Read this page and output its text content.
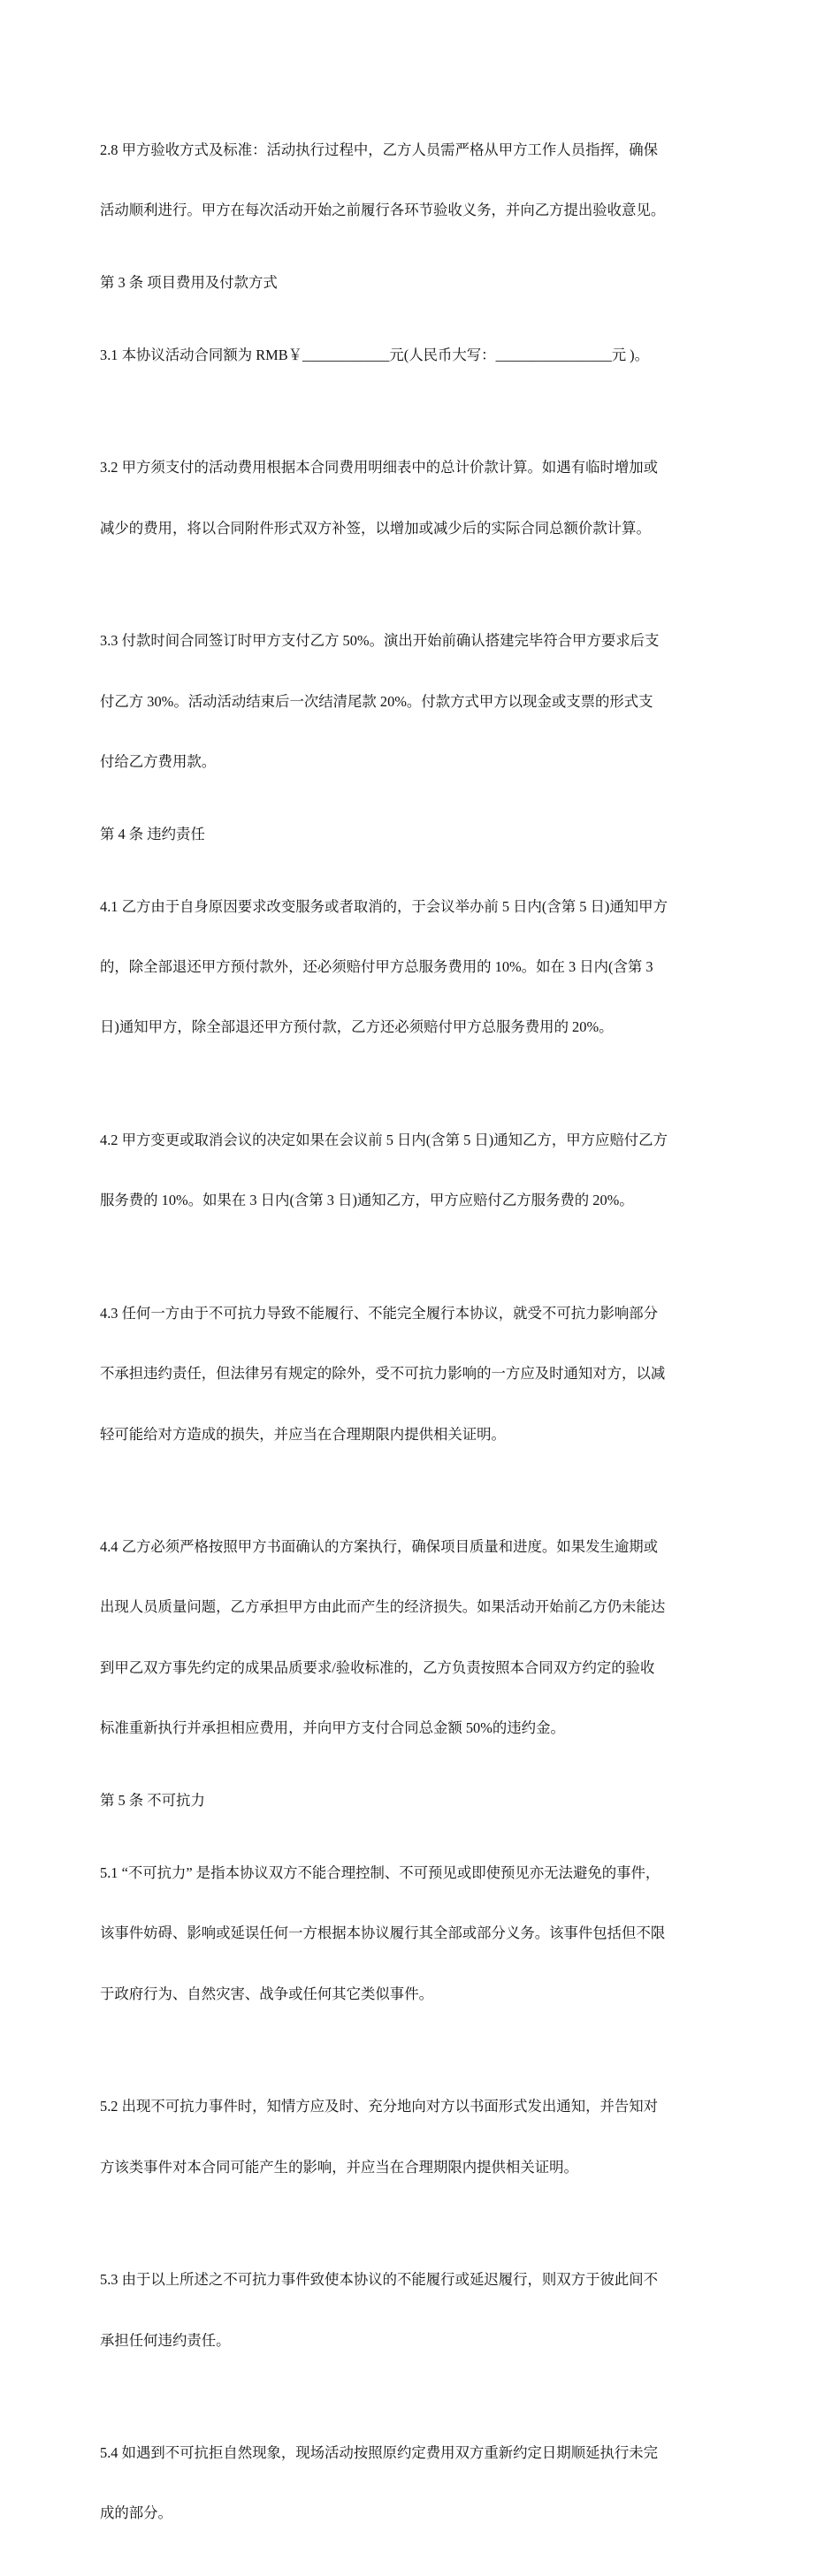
2.8 甲方验收方式及标准：活动执行过程中，乙方人员需严格从甲方工作人员指挥，确保

活动顺利进行。甲方在每次活动开始之前履行各环节验收义务，并向乙方提出验收意见。

第 3 条 项目费用及付款方式

3.1 本协议活动合同额为 RMB￥____________元(人民币大写：________________元 )。

3.2 甲方须支付的活动费用根据本合同费用明细表中的总计价款计算。如遇有临时增加或

减少的费用，将以合同附件形式双方补签，以增加或减少后的实际合同总额价款计算。

3.3 付款时间合同签订时甲方支付乙方 50%。演出开始前确认搭建完毕符合甲方要求后支

付乙方 30%。活动活动结束后一次结清尾款 20%。付款方式甲方以现金或支票的形式支

付给乙方费用款。

第 4 条 违约责任

4.1 乙方由于自身原因要求改变服务或者取消的，于会议举办前 5 日内(含第 5 日)通知甲方

的，除全部退还甲方预付款外，还必须赔付甲方总服务费用的 10%。如在 3 日内(含第 3

日)通知甲方，除全部退还甲方预付款，乙方还必须赔付甲方总服务费用的 20%。

4.2 甲方变更或取消会议的决定如果在会议前 5 日内(含第 5 日)通知乙方，甲方应赔付乙方

服务费的 10%。如果在 3 日内(含第 3 日)通知乙方，甲方应赔付乙方服务费的 20%。

4.3 任何一方由于不可抗力导致不能履行、不能完全履行本协议，就受不可抗力影响部分

不承担违约责任，但法律另有规定的除外，受不可抗力影响的一方应及时通知对方，以减

轻可能给对方造成的损失，并应当在合理期限内提供相关证明。

4.4 乙方必须严格按照甲方书面确认的方案执行，确保项目质量和进度。如果发生逾期或

出现人员质量问题，乙方承担甲方由此而产生的经济损失。如果活动开始前乙方仍未能达

到甲乙双方事先约定的成果品质要求/验收标准的，乙方负责按照本合同双方约定的验收

标准重新执行并承担相应费用，并向甲方支付合同总金额 50%的违约金。

第 5 条 不可抗力

5.1 “不可抗力” 是指本协议双方不能合理控制、不可预见或即使预见亦无法避免的事件，

该事件妨碍、影响或延误任何一方根据本协议履行其全部或部分义务。该事件包括但不限

于政府行为、自然灾害、战争或任何其它类似事件。

5.2 出现不可抗力事件时，知情方应及时、充分地向对方以书面形式发出通知，并告知对

方该类事件对本合同可能产生的影响，并应当在合理期限内提供相关证明。

5.3 由于以上所述之不可抗力事件致使本协议的不能履行或延迟履行，则双方于彼此间不

承担任何违约责任。

5.4 如遇到不可抗拒自然现象，现场活动按照原约定费用双方重新约定日期顺延执行未完

成的部分。
